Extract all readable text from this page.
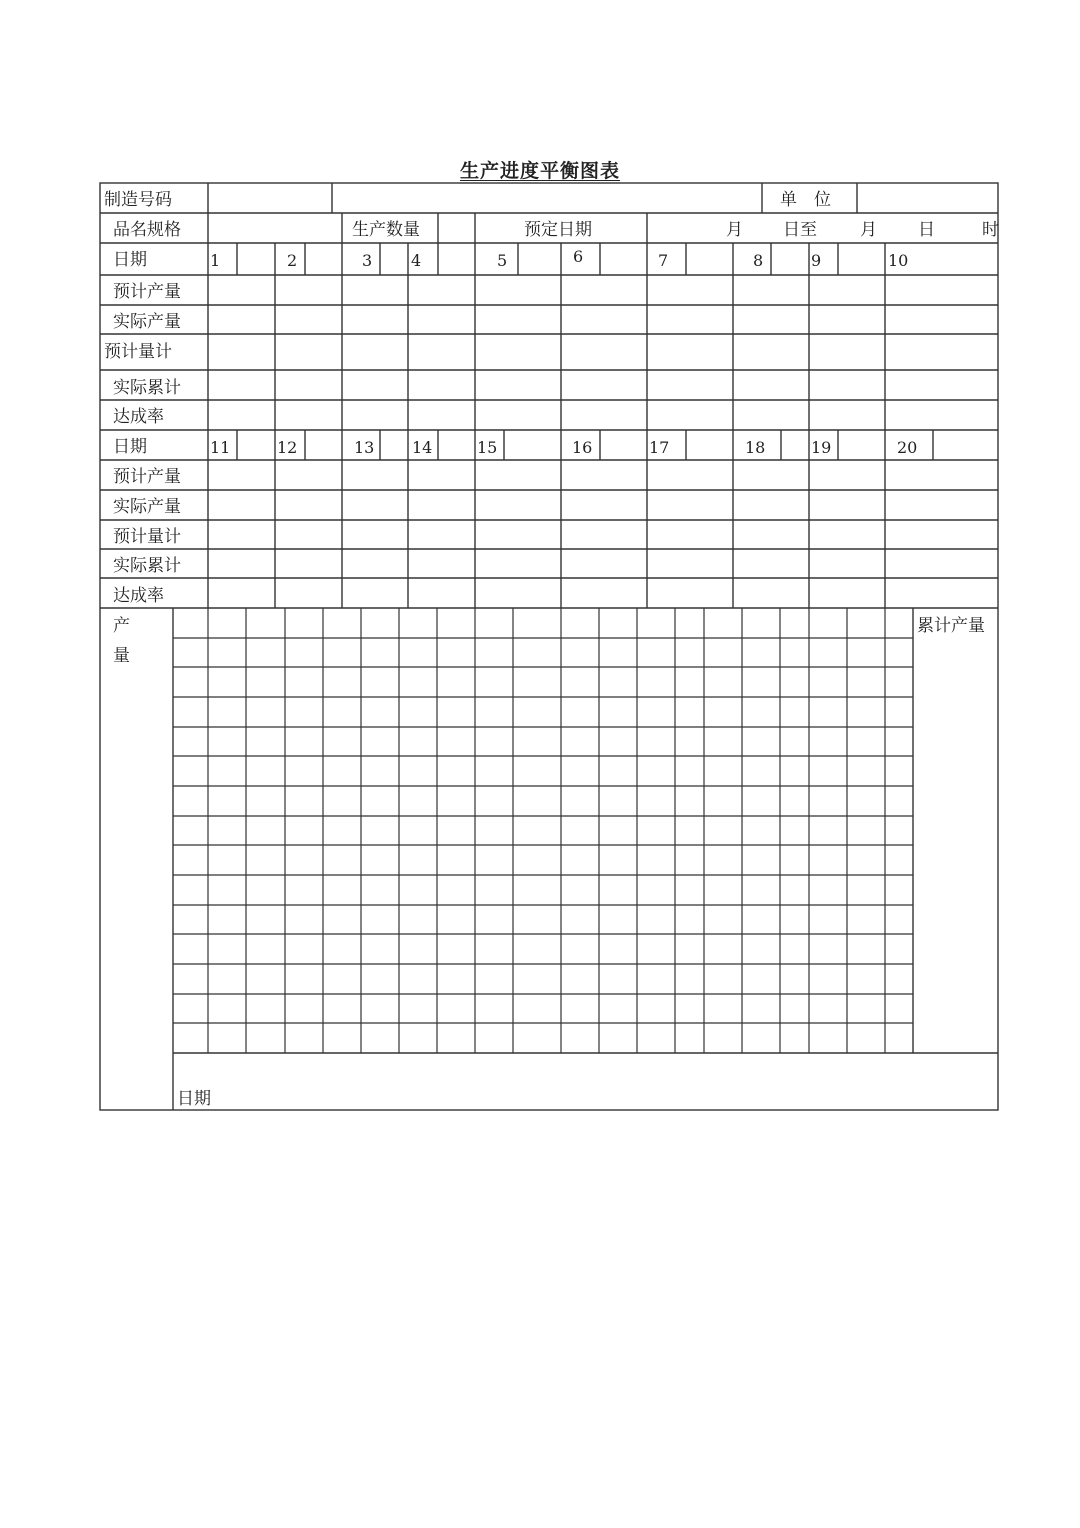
生产进度平衡图表
制造号码	单　位
品名规格	生产数量	预定日期	月 日至	月 日	时
日期	1	2	3 4	5	6	7	8	9	10
预计产量
实际产量
预计量计
实际累计
达成率
日期	11	12	13 14	15	16	17	18	19	20
预计产量
实际产量
预计量计
实际累计
达成率
产
量
累计产量
日期
